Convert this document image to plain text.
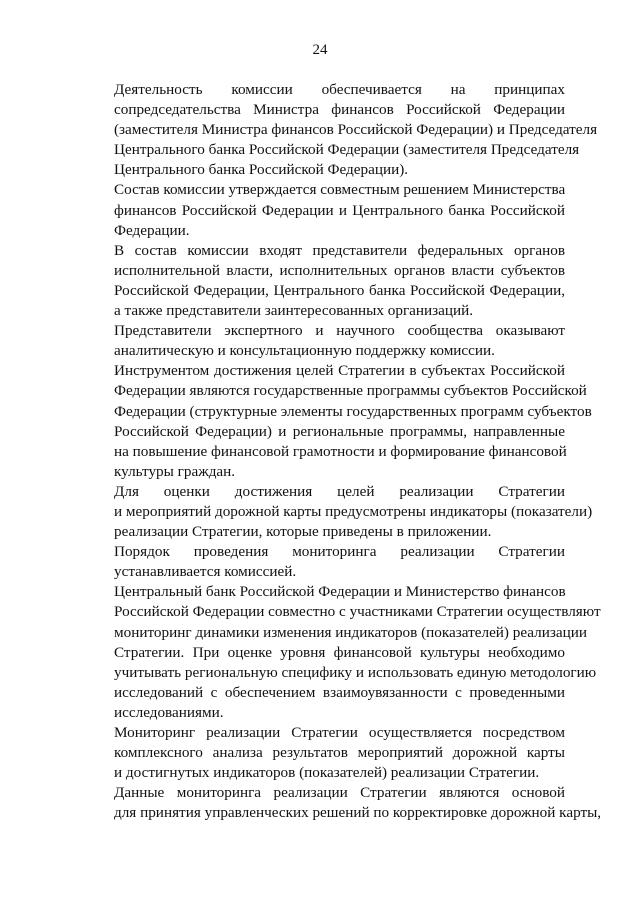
24
Деятельность комиссии обеспечивается на принципах
сопредседательства Министра финансов Российской Федерации
(заместителя Министра финансов Российской Федерации) и Председателя
Центрального банка Российской Федерации (заместителя Председателя
Центрального банка Российской Федерации).
Состав комиссии утверждается совместным решением Министерства
финансов Российской Федерации и Центрального банка Российской
Федерации.
В состав комиссии входят представители федеральных органов
исполнительной власти, исполнительных органов власти субъектов
Российской Федерации, Центрального банка Российской Федерации,
а также представители заинтересованных организаций.
Представители экспертного и научного сообщества оказывают
аналитическую и консультационную поддержку комиссии.
Инструментом достижения целей Стратегии в субъектах Российской
Федерации являются государственные программы субъектов Российской
Федерации (структурные элементы государственных программ субъектов
Российской Федерации) и региональные программы, направленные
на повышение финансовой грамотности и формирование финансовой
культуры граждан.
Для оценки достижения целей реализации Стратегии
и мероприятий дорожной карты предусмотрены индикаторы (показатели)
реализации Стратегии, которые приведены в приложении.
Порядок проведения мониторинга реализации Стратегии
устанавливается комиссией.
Центральный банк Российской Федерации и Министерство финансов
Российской Федерации совместно с участниками Стратегии осуществляют
мониторинг динамики изменения индикаторов (показателей) реализации
Стратегии. При оценке уровня финансовой культуры необходимо
учитывать региональную специфику и использовать единую методологию
исследований с обеспечением взаимоувязанности с проведенными
исследованиями.
Мониторинг реализации Стратегии осуществляется посредством
комплексного анализа результатов мероприятий дорожной карты
и достигнутых индикаторов (показателей) реализации Стратегии.
Данные мониторинга реализации Стратегии являются основой
для принятия управленческих решений по корректировке дорожной карты,
